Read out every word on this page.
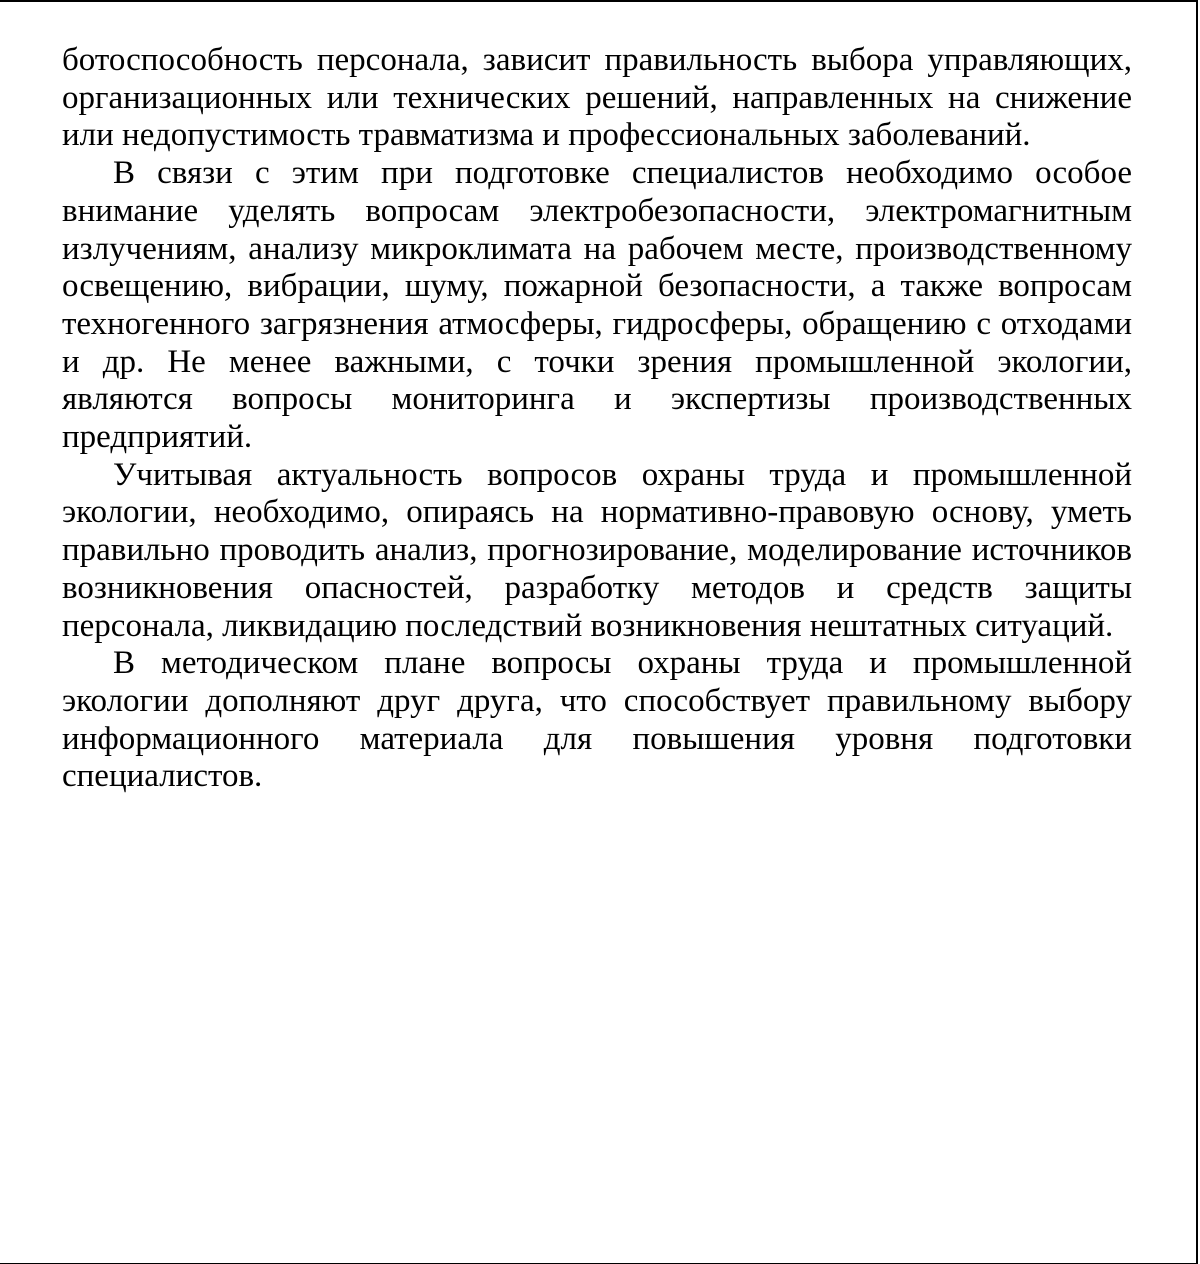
ботоспособность персонала, зависит правильность выбора управляющих, организационных или технических решений, направленных на снижение или недопустимость травматизма и профессиональных заболеваний.

В связи с этим при подготовке специалистов необходимо особое внимание уделять вопросам электробезопасности, электромагнитным излучениям, анализу микроклимата на рабочем месте, производственному освещению, вибрации, шуму, пожарной безопасности, а также вопросам техногенного загрязнения атмосферы, гидросферы, обращению с отходами и др. Не менее важными, с точки зрения промышленной экологии, являются вопросы мониторинга и экспертизы производственных предприятий.

Учитывая актуальность вопросов охраны труда и промышленной экологии, необходимо, опираясь на нормативно-правовую основу, уметь правильно проводить анализ, прогнозирование, моделирование источников возникновения опасностей, разработку методов и средств защиты персонала, ликвидацию последствий возникновения нештатных ситуаций.

В методическом плане вопросы охраны труда и промышленной экологии дополняют друг друга, что способствует правильному выбору информационного материала для повышения уровня подготовки специалистов.
